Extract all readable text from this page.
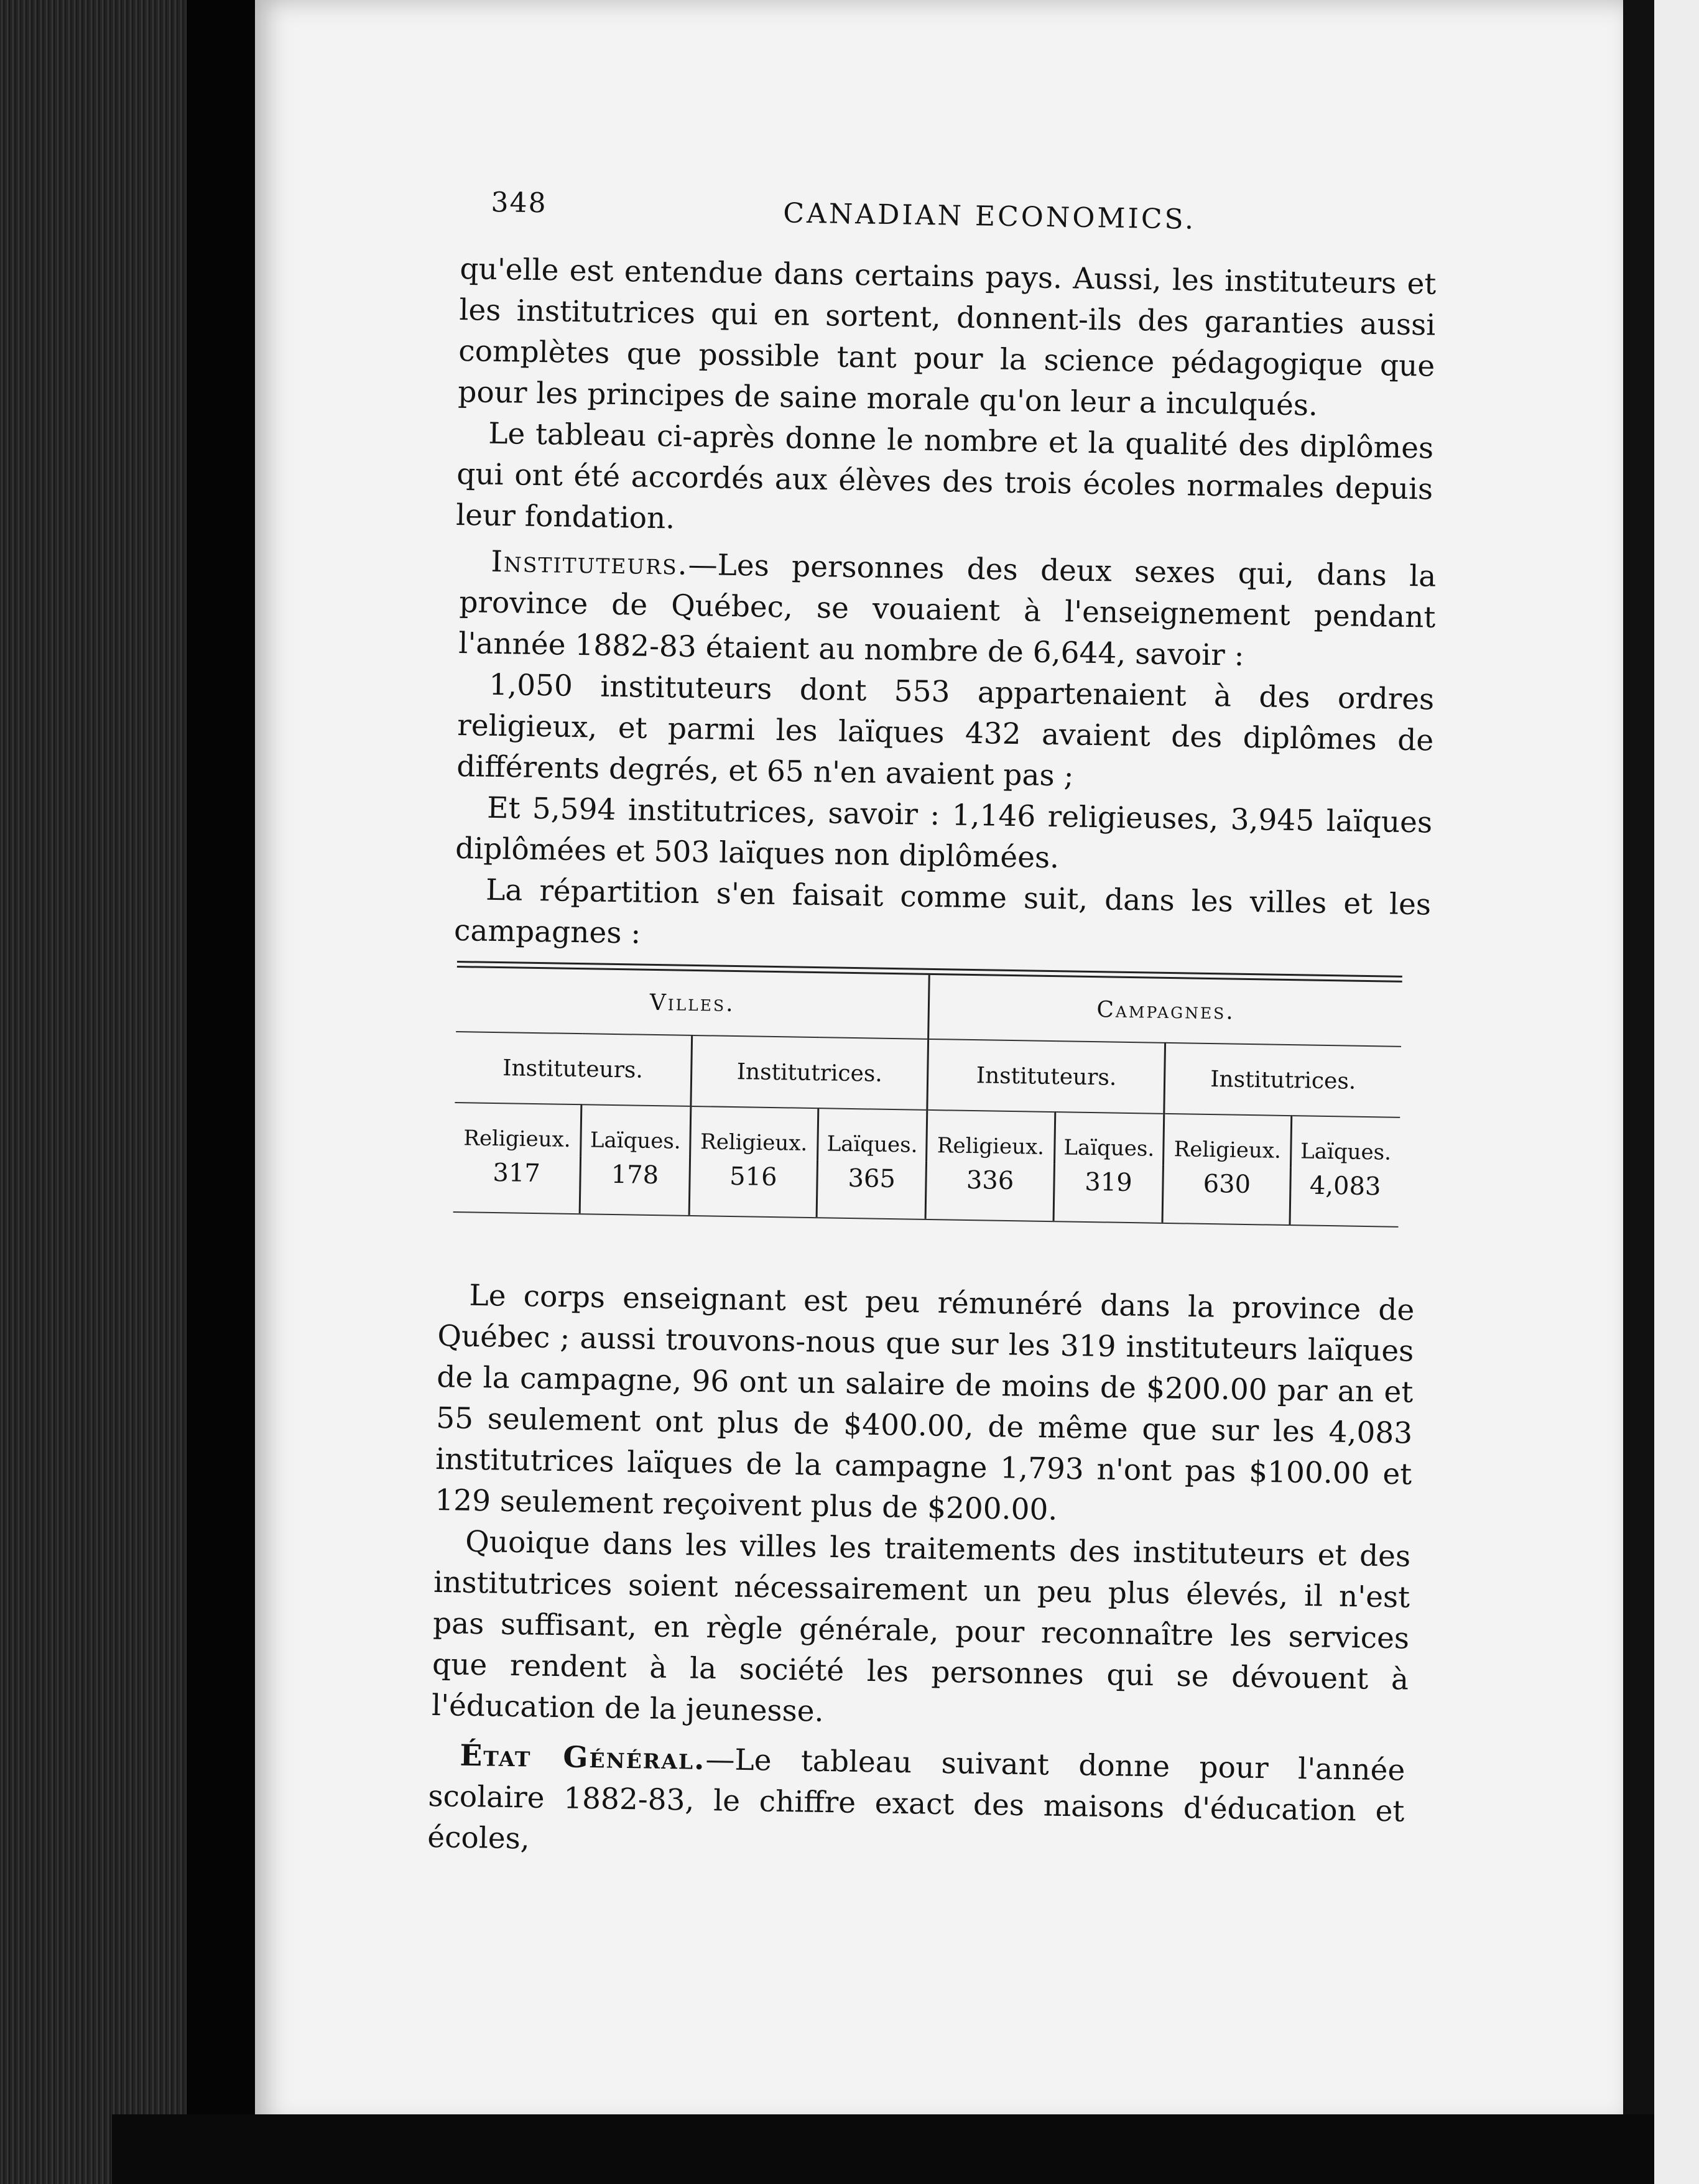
348	CANADIAN ECONOMICS.

qu'elle est entendue dans certains pays. Aussi, les instituteurs et les institutrices qui en sortent, donnent-ils des garanties aussi complètes que possible tant pour la science pédagogique que pour les principes de saine morale qu'on leur a inculqués.

Le tableau ci-après donne le nombre et la qualité des diplômes qui ont été accordés aux élèves des trois écoles normales depuis leur fondation.

Instituteurs.—Les personnes des deux sexes qui, dans la province de Québec, se vouaient à l'enseignement pendant l'année 1882-83 étaient au nombre de 6,644, savoir :

1,050 instituteurs dont 553 appartenaient à des ordres religieux, et parmi les laïques 432 avaient des diplômes de différents degrés, et 65 n'en avaient pas ;

Et 5,594 institutrices, savoir : 1,146 religieuses, 3,945 laïques diplômées et 503 laïques non diplômées.

La répartition s'en faisait comme suit, dans les villes et les campagnes :

Villes.				Campagnes.			
Instituteurs.		Institutrices.		Instituteurs.		Institutrices.	
Religieux.	Laïques.	Religieux.	Laïques.	Religieux.	Laïques.	Religieux.	Laïques.
317	178	516	365	336	319	630	4,083

Le corps enseignant est peu rémunéré dans la province de Québec ; aussi trouvons-nous que sur les 319 instituteurs laïques de la campagne, 96 ont un salaire de moins de $200.00 par an et 55 seulement ont plus de $400.00, de même que sur les 4,083 institutrices laïques de la campagne 1,793 n'ont pas $100.00 et 129 seulement reçoivent plus de $200.00.

Quoique dans les villes les traitements des instituteurs et des institutrices soient nécessairement un peu plus élevés, il n'est pas suffisant, en règle générale, pour reconnaître les services que rendent à la société les personnes qui se dévouent à l'éducation de la jeunesse.

État Général.—Le tableau suivant donne pour l'année scolaire 1882-83, le chiffre exact des maisons d'éducation et écoles,
